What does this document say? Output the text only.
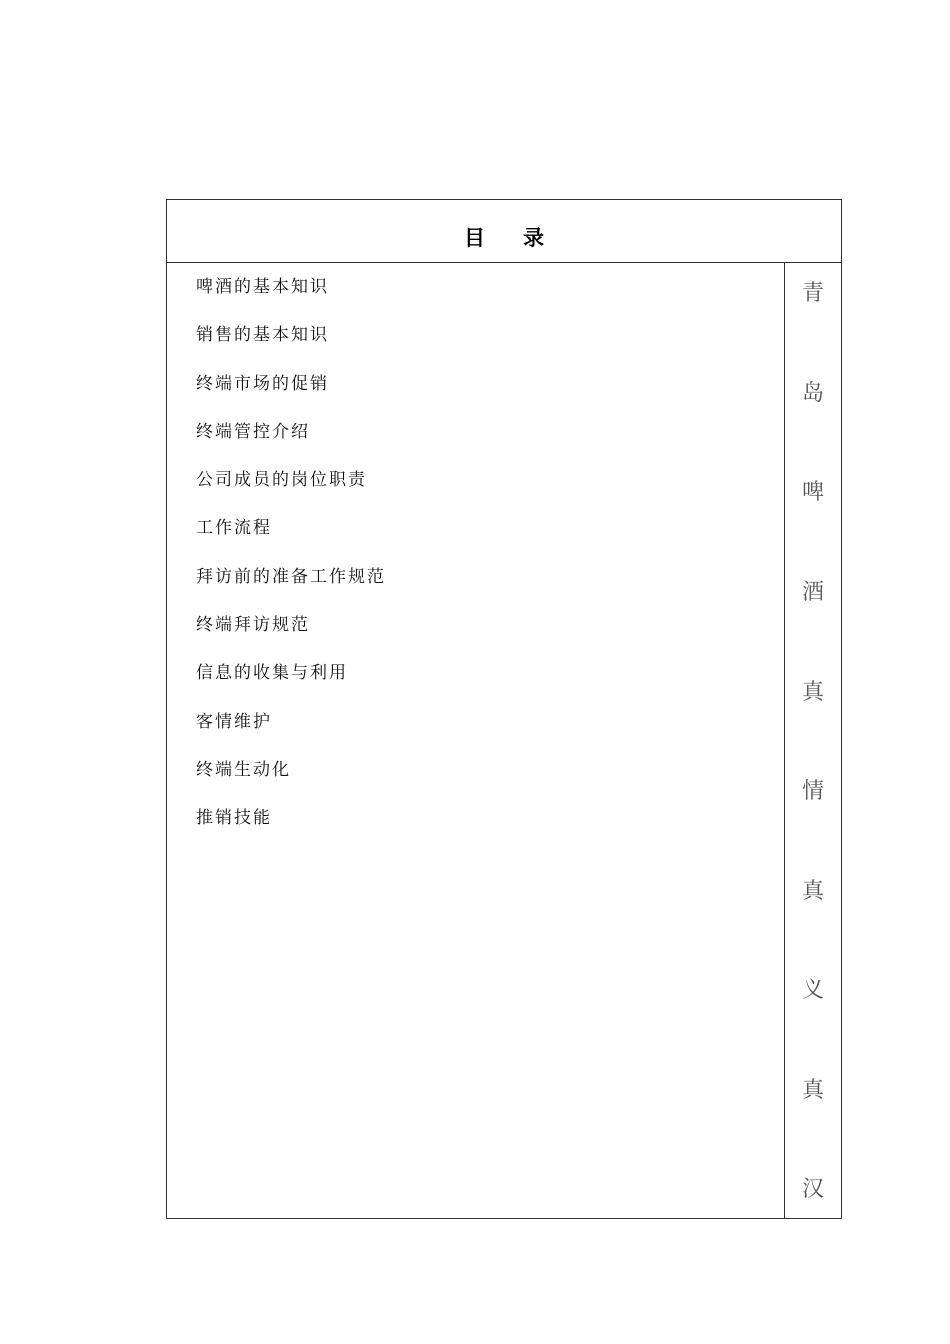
目录
啤酒的基本知识
销售的基本知识
终端市场的促销
终端管控介绍
公司成员的岗位职责
工作流程
拜访前的准备工作规范
终端拜访规范
信息的收集与利用
客情维护
终端生动化
推销技能
青
岛
啤
酒
真
情
真
义
真
汉
